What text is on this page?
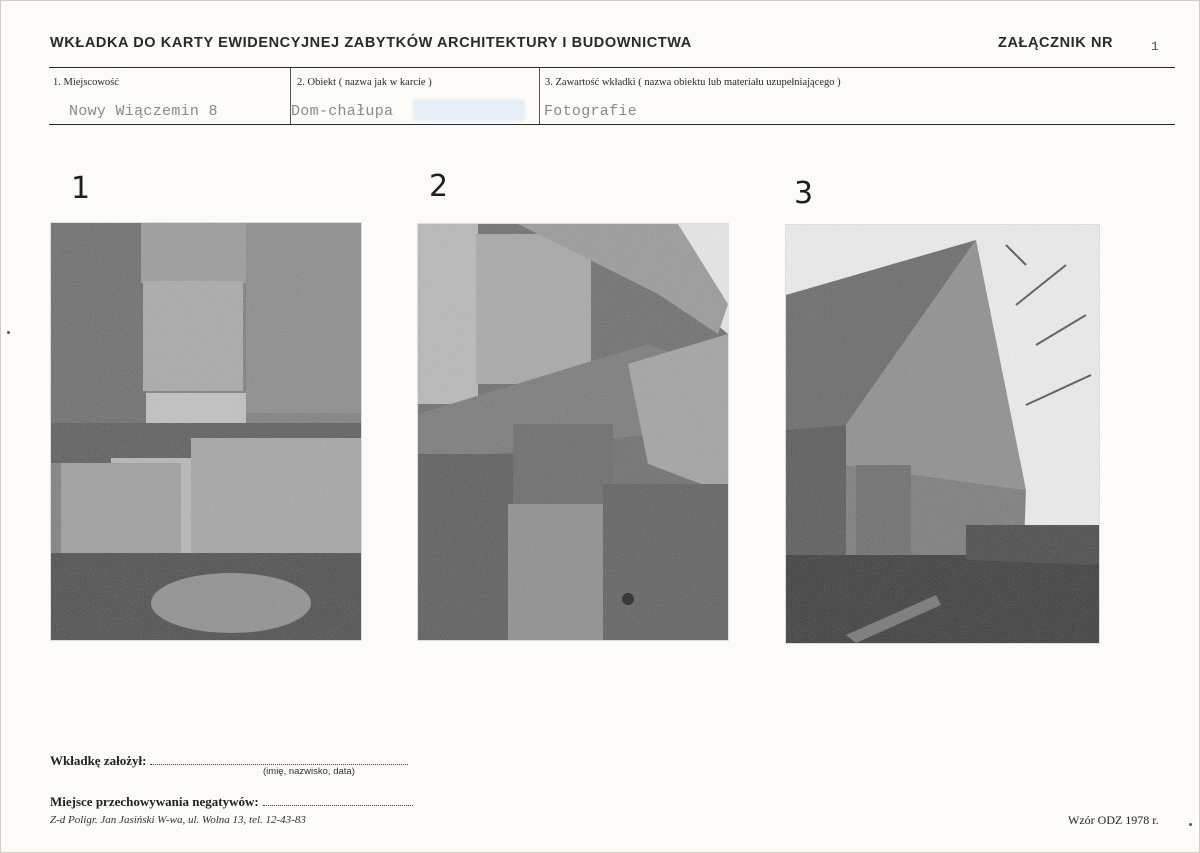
WKŁADKA DO KARTY EWIDENCYJNEJ ZABYTKÓW ARCHITEKTURY I BUDOWNICTWA	ZAŁĄCZNIK NR	1
1. Miejscowość
Nowy Wiączemin 8
2. Obiekt ( nazwa jak w karcie )
Dom-chałupa
3. Zawartość wkładki ( nazwa obiektu lub materiału uzupełniającego )
Fotografie
1	2	3
Wkładkę założył:
(imię, nazwisko, data)
Miejsce przechowywania negatywów:
Z-d Poligr. Jan Jasiński W-wa, ul. Wolna 13, tel. 12-43-83	Wzór ODZ 1978 r.
